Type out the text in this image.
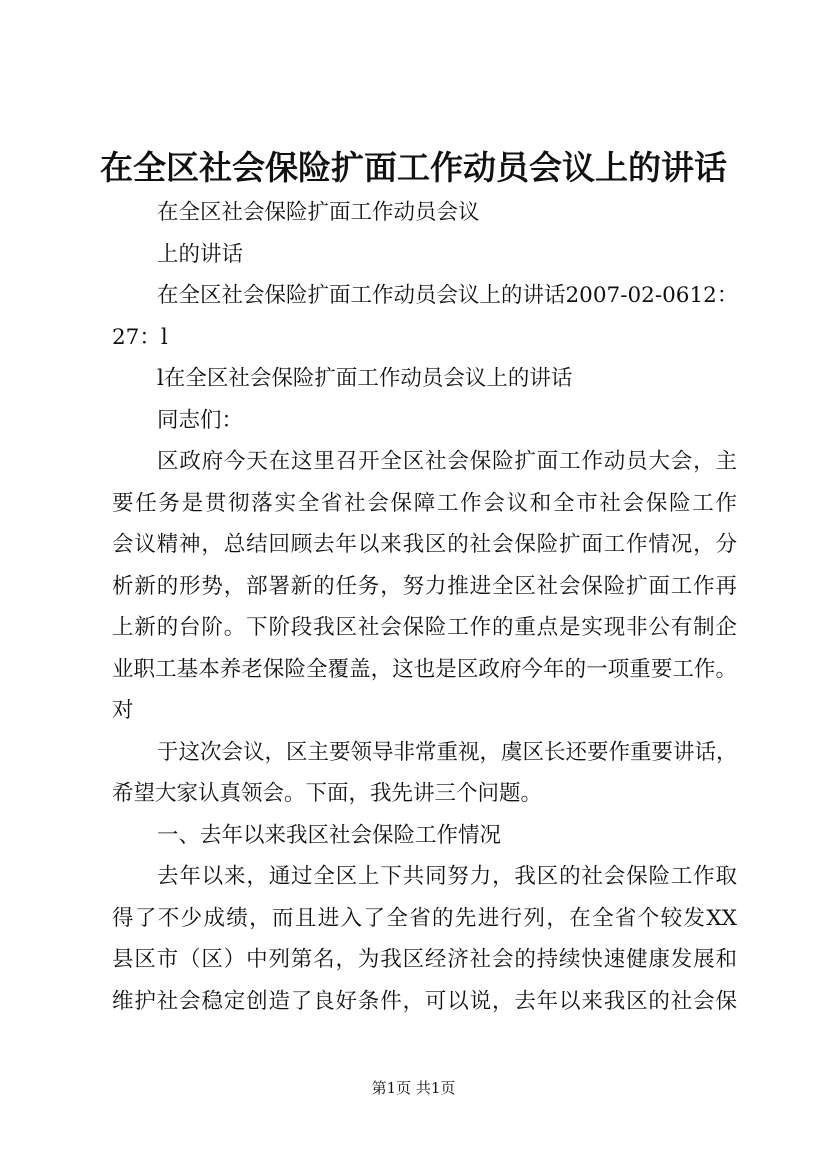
在全区社会保险扩面工作动员会议上的讲话
在全区社会保险扩面工作动员会议
上的讲话
在全区社会保险扩面工作动员会议上的讲话2007-02-0612：
27：l
l在全区社会保险扩面工作动员会议上的讲话
同志们：
区政府今天在这里召开全区社会保险扩面工作动员大会，主
要任务是贯彻落实全省社会保障工作会议和全市社会保险工作
会议精神，总结回顾去年以来我区的社会保险扩面工作情况，分
析新的形势，部署新的任务，努力推进全区社会保险扩面工作再
上新的台阶。下阶段我区社会保险工作的重点是实现非公有制企
业职工基本养老保险全覆盖，这也是区政府今年的一项重要工作。
对
于这次会议，区主要领导非常重视，虞区长还要作重要讲话，
希望大家认真领会。下面，我先讲三个问题。
一、去年以来我区社会保险工作情况
去年以来，通过全区上下共同努力，我区的社会保险工作取
得了不少成绩，而且进入了全省的先进行列，在全省个较发XX
县区市（区）中列第名，为我区经济社会的持续快速健康发展和
维护社会稳定创造了良好条件，可以说，去年以来我区的社会保
第1页 共1页
